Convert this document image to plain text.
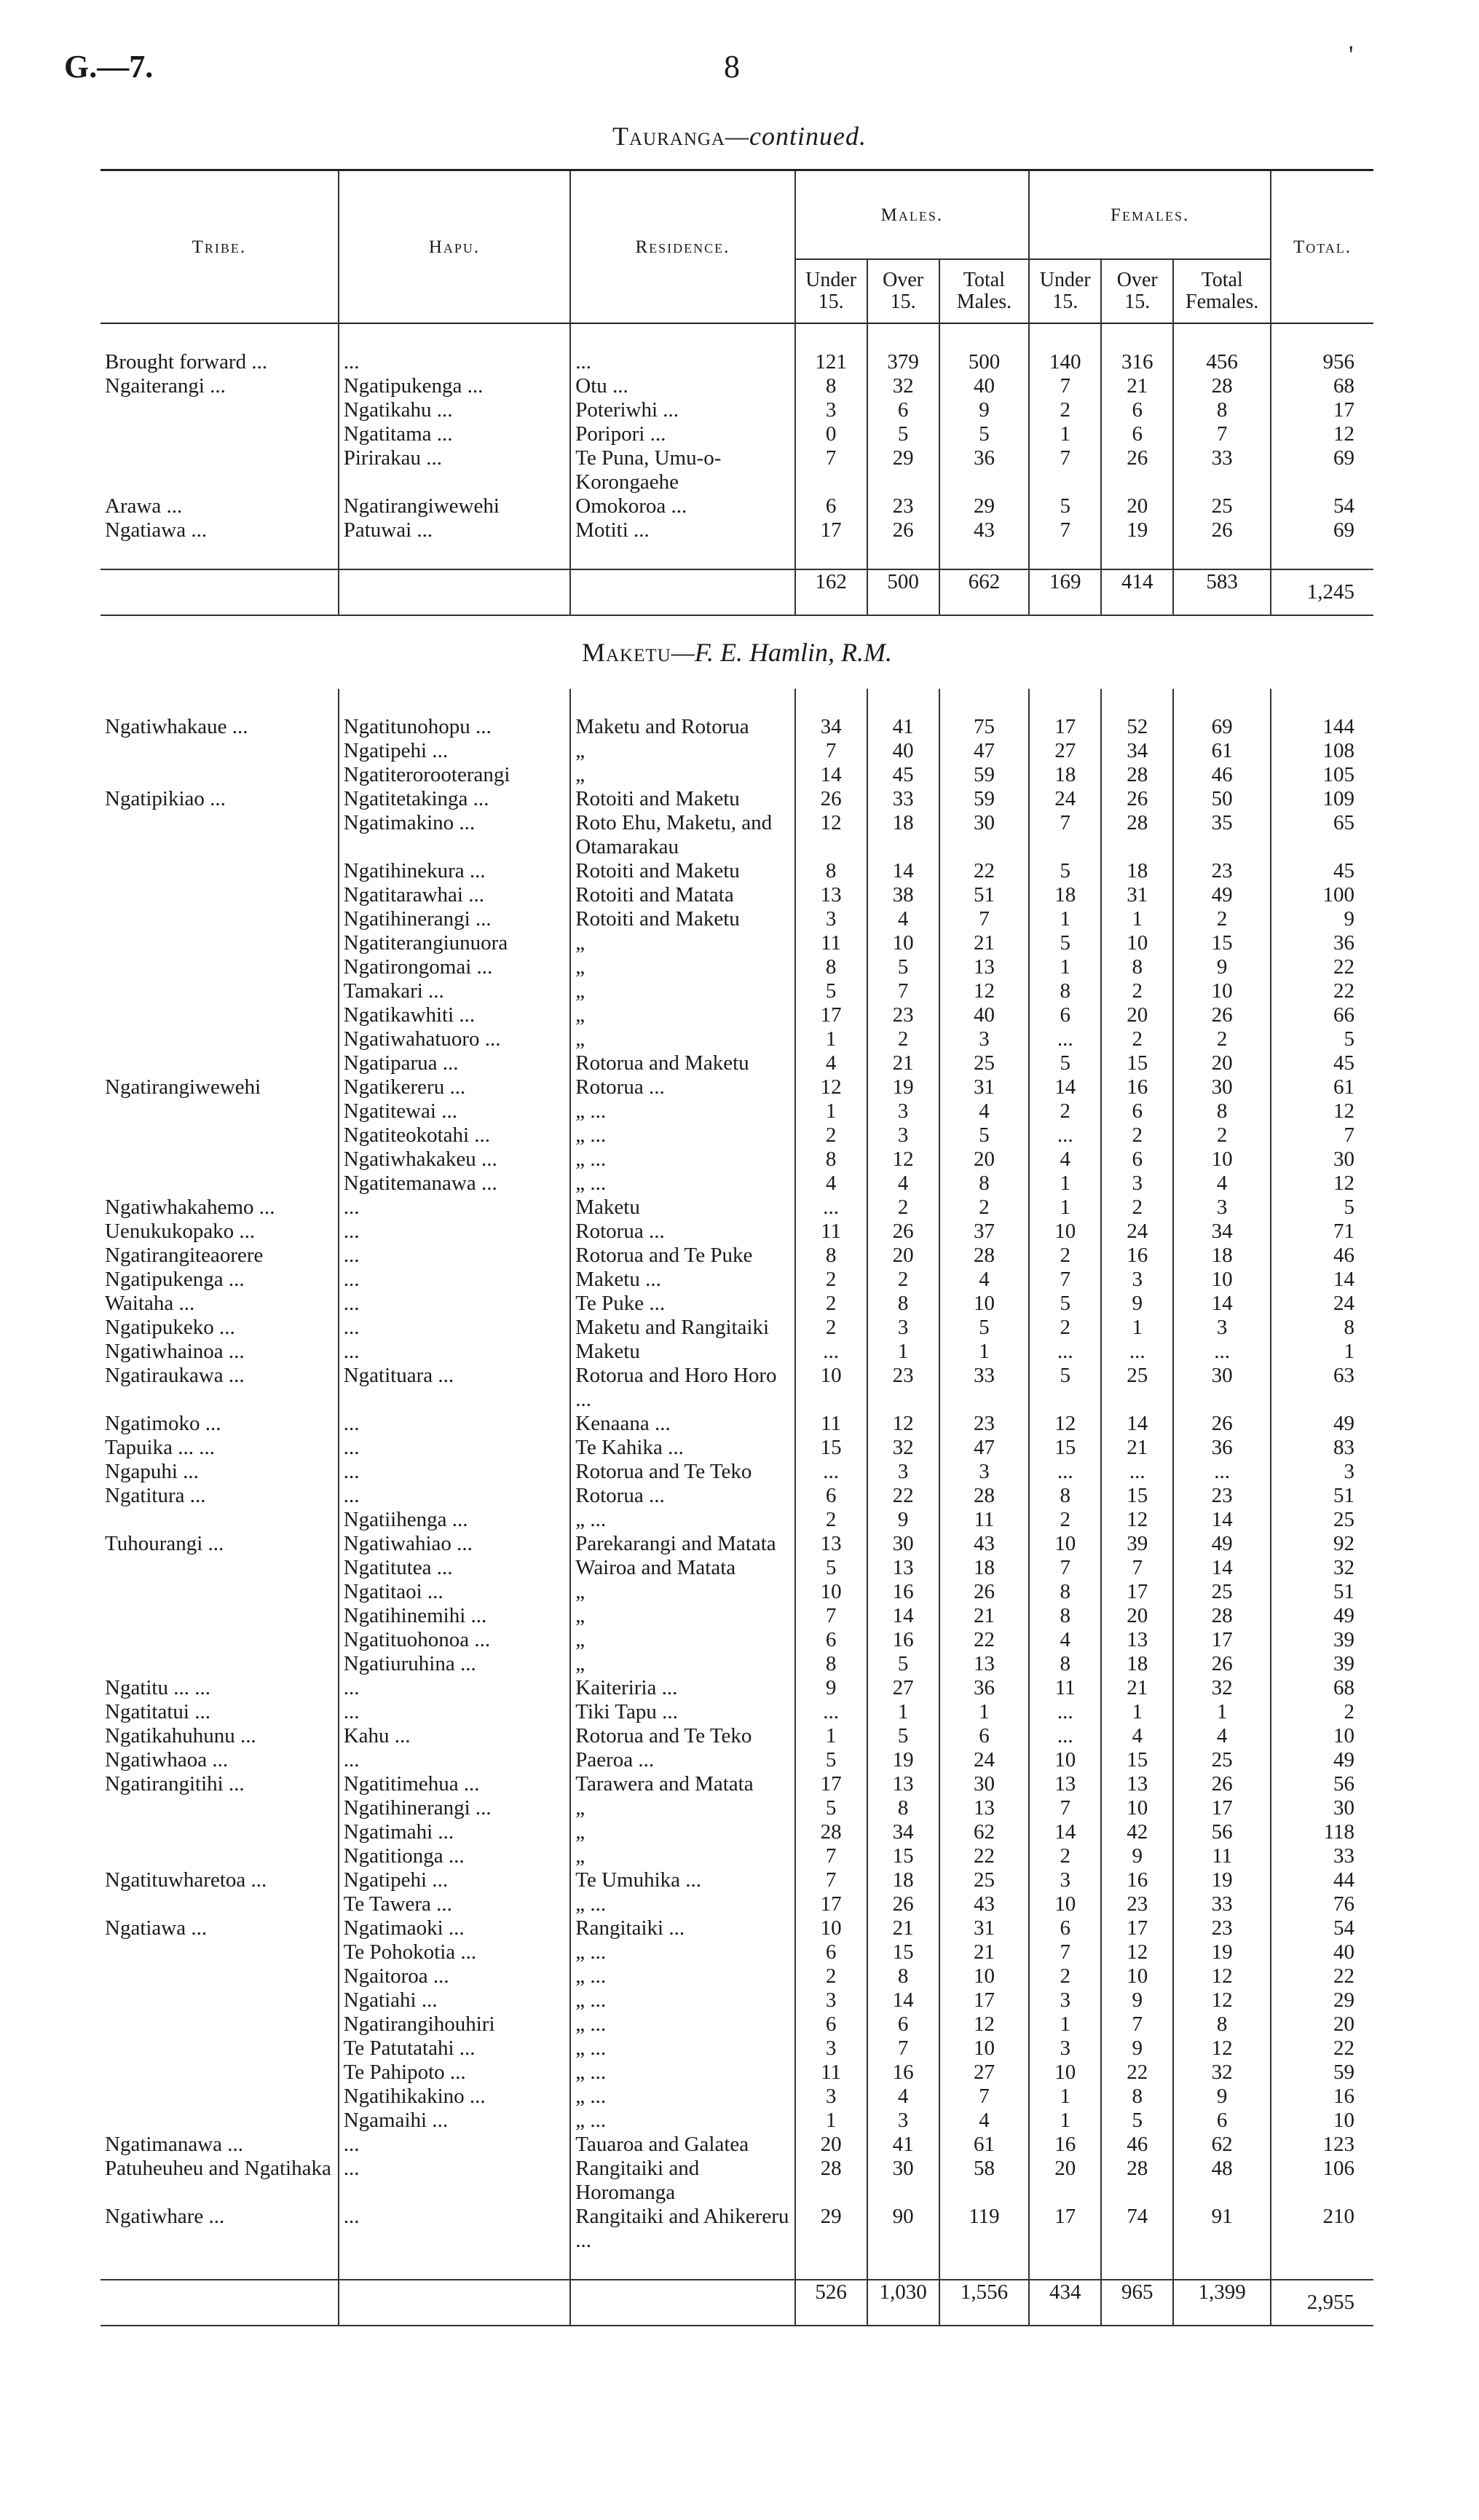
G.—7.	8	'
Tauranga—continued.
Tribe.	Hapu.	Residence.	Males.			Females.			Total.
			Under 15.	Over 15.	Total Males.	Under 15.	Over 15.	Total Females.	

Brought forward ...	...	...	121	379	500	140	316	456	956
Ngaiterangi ...	Ngatipukenga ...	Otu ...	8	32	40	7	21	28	68
	Ngatikahu ...	Poteriwhi ...	3	6	9	2	6	8	17
	Ngatitama ...	Poripori ...	0	5	5	1	6	7	12
	Pirirakau ...	Te Puna, Umu-o-Korongaehe	7	29	36	7	26	33	69
Arawa ...	Ngatirangiwewehi	Omokoroa ...	6	23	29	5	20	25	54
Ngatiawa ...	Patuwai ...	Motiti ...	17	26	43	7	19	26	69

			162	500	662	169	414	583	1,245
Maketu—F. E. Hamlin, R.M.									

Ngatiwhakaue ...	Ngatitunohopu ...	Maketu and Rotorua	34	41	75	17	52	69	144
	Ngatipehi ...	„	7	40	47	27	34	61	108
	Ngatiterorooterangi	„	14	45	59	18	28	46	105
Ngatipikiao ...	Ngatitetakinga ...	Rotoiti and Maketu	26	33	59	24	26	50	109
	Ngatimakino ...	Roto Ehu, Maketu, and Otamarakau	12	18	30	7	28	35	65
	Ngatihinekura ...	Rotoiti and Maketu	8	14	22	5	18	23	45
	Ngatitarawhai ...	Rotoiti and Matata	13	38	51	18	31	49	100
	Ngatihinerangi ...	Rotoiti and Maketu	3	4	7	1	1	2	9
	Ngatiterangiunuora	„	11	10	21	5	10	15	36
	Ngatirongomai ...	„	8	5	13	1	8	9	22
	Tamakari ...	„	5	7	12	8	2	10	22
	Ngatikawhiti ...	„	17	23	40	6	20	26	66
	Ngatiwahatuoro ...	„	1	2	3	...	2	2	5
	Ngatiparua ...	Rotorua and Maketu	4	21	25	5	15	20	45
Ngatirangiwewehi	Ngatikereru ...	Rotorua ...	12	19	31	14	16	30	61
	Ngatitewai ...	„ ...	1	3	4	2	6	8	12
	Ngatiteokotahi ...	„ ...	2	3	5	...	2	2	7
	Ngatiwhakakeu ...	„ ...	8	12	20	4	6	10	30
	Ngatitemanawa ...	„ ...	4	4	8	1	3	4	12
Ngatiwhakahemo ...	...	Maketu	...	2	2	1	2	3	5
Uenukukopako ...	...	Rotorua ...	11	26	37	10	24	34	71
Ngatirangiteaorere	...	Rotorua and Te Puke	8	20	28	2	16	18	46
Ngatipukenga ...	...	Maketu ...	2	2	4	7	3	10	14
Waitaha ...	...	Te Puke ...	2	8	10	5	9	14	24
Ngatipukeko ...	...	Maketu and Rangitaiki	2	3	5	2	1	3	8
Ngatiwhainoa ...	...	Maketu	...	1	1	...	...	...	1
Ngatiraukawa ...	Ngatituara ...	Rotorua and Horo Horo ...	10	23	33	5	25	30	63
Ngatimoko ...	...	Kenaana ...	11	12	23	12	14	26	49
Tapuika ... ...	...	Te Kahika ...	15	32	47	15	21	36	83
Ngapuhi ...	...	Rotorua and Te Teko	...	3	3	...	...	...	3
Ngatitura ...	...	Rotorua ...	6	22	28	8	15	23	51
	Ngatiihenga ...	„ ...	2	9	11	2	12	14	25
Tuhourangi ...	Ngatiwahiao ...	Parekarangi and Matata	13	30	43	10	39	49	92
	Ngatitutea ...	Wairoa and Matata	5	13	18	7	7	14	32
	Ngatitaoi ...	„	10	16	26	8	17	25	51
	Ngatihinemihi ...	„	7	14	21	8	20	28	49
	Ngatituohonoa ...	„	6	16	22	4	13	17	39
	Ngatiuruhina ...	„	8	5	13	8	18	26	39
Ngatitu ... ...	...	Kaiteriria ...	9	27	36	11	21	32	68
Ngatitatui ...	...	Tiki Tapu ...	...	1	1	...	1	1	2
Ngatikahuhunu ...	Kahu ...	Rotorua and Te Teko	1	5	6	...	4	4	10
Ngatiwhaoa ...	...	Paeroa ...	5	19	24	10	15	25	49
Ngatirangitihi ...	Ngatitimehua ...	Tarawera and Matata	17	13	30	13	13	26	56
	Ngatihinerangi ...	„	5	8	13	7	10	17	30
	Ngatimahi ...	„	28	34	62	14	42	56	118
	Ngatitionga ...	„	7	15	22	2	9	11	33
Ngatituwharetoa ...	Ngatipehi ...	Te Umuhika ...	7	18	25	3	16	19	44
	Te Tawera ...	„ ...	17	26	43	10	23	33	76
Ngatiawa ...	Ngatimaoki ...	Rangitaiki ...	10	21	31	6	17	23	54
	Te Pohokotia ...	„ ...	6	15	21	7	12	19	40
	Ngaitoroa ...	„ ...	2	8	10	2	10	12	22
	Ngatiahi ...	„ ...	3	14	17	3	9	12	29
	Ngatirangihouhiri	„ ...	6	6	12	1	7	8	20
	Te Patutatahi ...	„ ...	3	7	10	3	9	12	22
	Te Pahipoto ...	„ ...	11	16	27	10	22	32	59
	Ngatihikakino ...	„ ...	3	4	7	1	8	9	16
	Ngamaihi ...	„ ...	1	3	4	1	5	6	10
Ngatimanawa ...	...	Tauaroa and Galatea	20	41	61	16	46	62	123
Patuheuheu and Ngatihaka	...	Rangitaiki and Horomanga	28	30	58	20	28	48	106
Ngatiwhare ...	...	Rangitaiki and Ahikereru ...	29	90	119	17	74	91	210

			526	1,030	1,556	434	965	1,399	2,955
